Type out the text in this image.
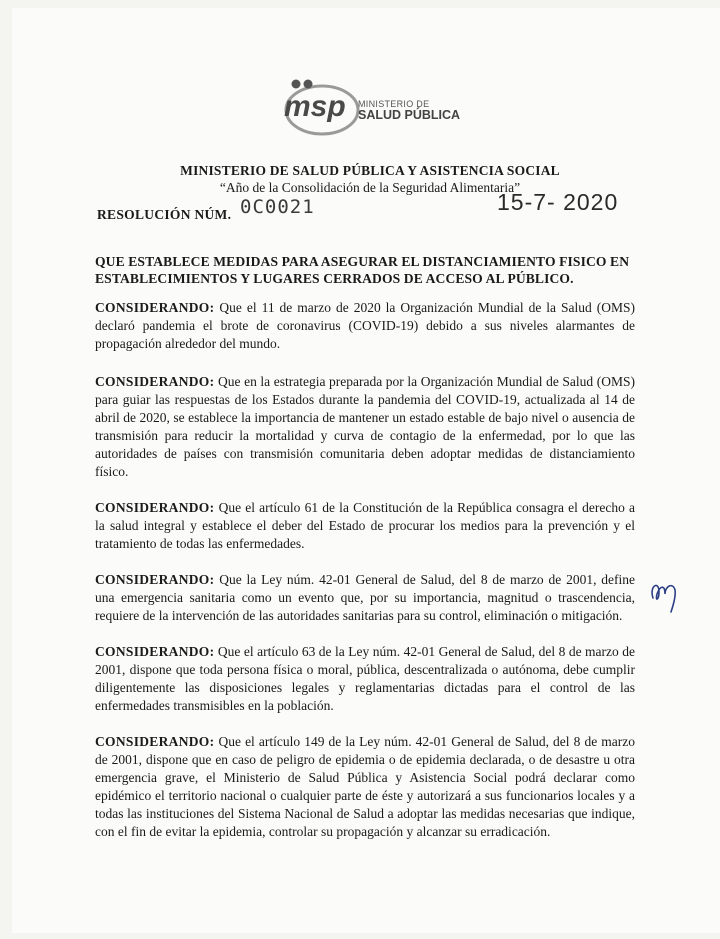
msp MINISTERIO DE
SALUD PÚBLICA
MINISTERIO DE SALUD PÚBLICA Y ASISTENCIA SOCIAL
“Año de la Consolidación de la Seguridad Alimentaria”
RESOLUCIÓN NÚM. 0C0021	15-7- 2020
QUE ESTABLECE MEDIDAS PARA ASEGURAR EL DISTANCIAMIENTO FISICO EN ESTABLECIMIENTOS Y LUGARES CERRADOS DE ACCESO AL PÚBLICO.
CONSIDERANDO: Que el 11 de marzo de 2020 la Organización Mundial de la Salud (OMS) declaró pandemia el brote de coronavirus (COVID-19) debido a sus niveles alarmantes de propagación alrededor del mundo.
CONSIDERANDO: Que en la estrategia preparada por la Organización Mundial de Salud (OMS) para guiar las respuestas de los Estados durante la pandemia del COVID-19, actualizada al 14 de abril de 2020, se establece la importancia de mantener un estado estable de bajo nivel o ausencia de transmisión para reducir la mortalidad y curva de contagio de la enfermedad, por lo que las autoridades de países con transmisión comunitaria deben adoptar medidas de distanciamiento físico.
CONSIDERANDO: Que el artículo 61 de la Constitución de la República consagra el derecho a la salud integral y establece el deber del Estado de procurar los medios para la prevención y el tratamiento de todas las enfermedades.
CONSIDERANDO: Que la Ley núm. 42-01 General de Salud, del 8 de marzo de 2001, define una emergencia sanitaria como un evento que, por su importancia, magnitud o trascendencia, requiere de la intervención de las autoridades sanitarias para su control, eliminación o mitigación.
CONSIDERANDO: Que el artículo 63 de la Ley núm. 42-01 General de Salud, del 8 de marzo de 2001, dispone que toda persona física o moral, pública, descentralizada o autónoma, debe cumplir diligentemente las disposiciones legales y reglamentarias dictadas para el control de las enfermedades transmisibles en la población.
CONSIDERANDO: Que el artículo 149 de la Ley núm. 42-01 General de Salud, del 8 de marzo de 2001, dispone que en caso de peligro de epidemia o de epidemia declarada, o de desastre u otra emergencia grave, el Ministerio de Salud Pública y Asistencia Social podrá declarar como epidémico el territorio nacional o cualquier parte de éste y autorizará a sus funcionarios locales y a todas las instituciones del Sistema Nacional de Salud a adoptar las medidas necesarias que indique, con el fin de evitar la epidemia, controlar su propagación y alcanzar su erradicación.
